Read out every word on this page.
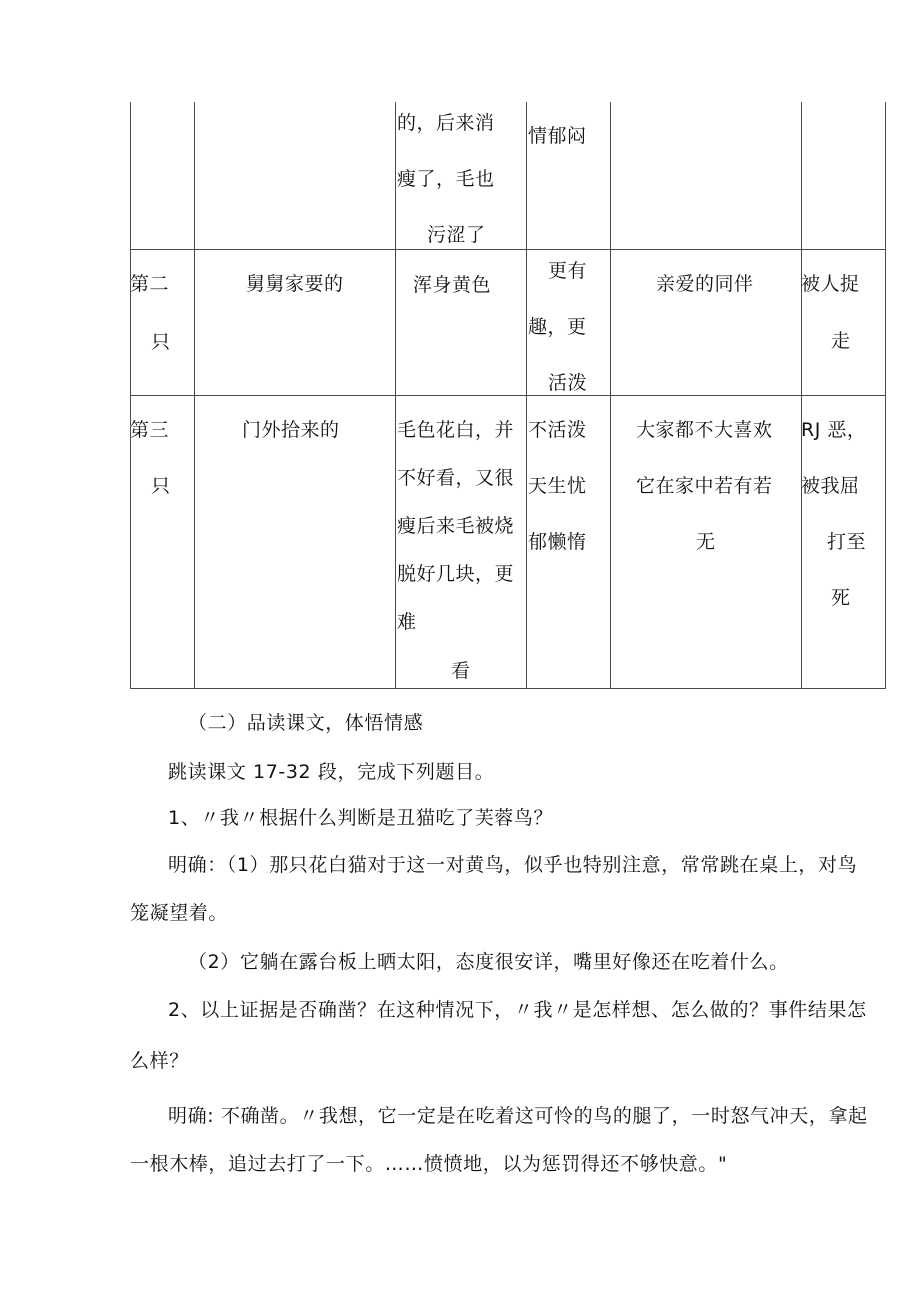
的，后来消
瘦了，毛也
污涩了
情郁闷
第二
只
舅舅家要的	浑身黄色
更有
趣，更
活泼
亲爱的同伴 被人捉
走
第三
只
门外拾来的	毛色花白，并
不好看，又很
瘦后来毛被烧
脱好几块，更
难
看
不活泼
天生忧
郁懒惰
大家都不大喜欢
它在家中若有若
无
RJ 恶，
被我屈
打至
死
（二）品读课文，体悟情感
跳读课文 17-32 段，完成下列题目。
1、〃我〃根据什么判断是丑猫吃了芙蓉鸟？
明确：（1）那只花白猫对于这一对黄鸟，似乎也特别注意，常常跳在桌上，对鸟
笼凝望着。
（2）它躺在露台板上晒太阳，态度很安详，嘴里好像还在吃着什么。
2、以上证据是否确凿？在这种情况下，〃我〃是怎样想、怎么做的？事件结果怎
么样？
明确: 不确凿。〃我想，它一定是在吃着这可怜的鸟的腿了，一时怒气冲天，拿起
一根木棒，追过去打了一下。……愤愤地，以为惩罚得还不够快意。"
